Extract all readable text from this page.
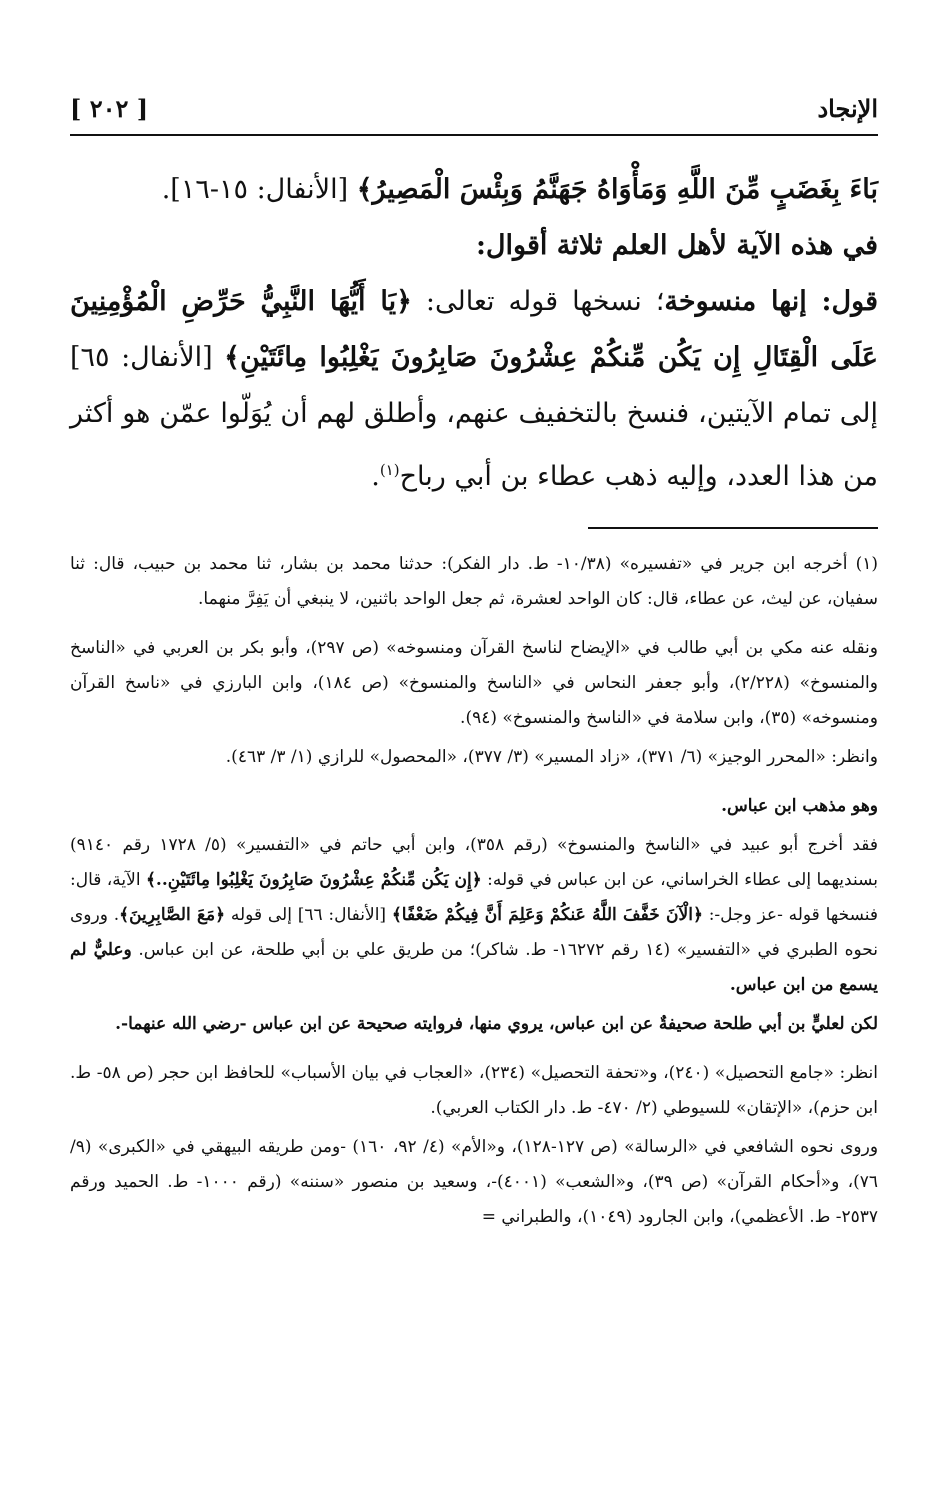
الإنجاد
[ ٢٠٢ ]

بَاءَ بِغَضَبٍ مِّنَ اللَّهِ وَمَأْوَاهُ جَهَنَّمُ وَبِئْسَ الْمَصِيرُ﴾ [الأنفال: ١٥-١٦].

في هذه الآية لأهل العلم ثلاثة أقوال:

قول: إنها منسوخة؛ نسخها قوله تعالى: ﴿يَا أَيُّهَا النَّبِيُّ حَرِّضِ الْمُؤْمِنِينَ عَلَى الْقِتَالِ إِن يَكُن مِّنكُمْ عِشْرُونَ صَابِرُونَ يَغْلِبُوا مِائَتَيْنِ﴾ [الأنفال: ٦٥] إلى تمام الآيتين، فنسخ بالتخفيف عنهم، وأطلق لهم أن يُوَلّوا عمّن هو أكثر من هذا العدد، وإليه ذهب عطاء بن أبي رباح$^{(١)}$.

(١) أخرجه ابن جرير في «تفسيره» (١٠/٣٨- ط. دار الفكر): حدثنا محمد بن بشار، ثنا محمد بن حبيب، قال: ثنا سفيان، عن ليث، عن عطاء، قال: كان الواحد لعشرة، ثم جعل الواحد باثنين، لا ينبغي أن يَفِرَّ منهما.

ونقله عنه مكي بن أبي طالب في «الإيضاح لناسخ القرآن ومنسوخه» (ص ٢٩٧)، وأبو بكر بن العربي في «الناسخ والمنسوخ» (٢/٢٢٨)، وأبو جعفر النحاس في «الناسخ والمنسوخ» (ص ١٨٤)، وابن البارزي في «ناسخ القرآن ومنسوخه» (٣٥)، وابن سلامة في «الناسخ والمنسوخ» (٩٤).

وانظر: «المحرر الوجيز» (٦/ ٣٧١)، «زاد المسير» (٣/ ٣٧٧)، «المحصول» للرازي (١/ ٣/ ٤٦٣).

وهو مذهب ابن عباس.

فقد أخرج أبو عبيد في «الناسخ والمنسوخ» (رقم ٣٥٨)، وابن أبي حاتم في «التفسير» (٥/ ١٧٢٨ رقم ٩١٤٠) بسنديهما إلى عطاء الخراساني، عن ابن عباس في قوله: ﴿إِن يَكُن مِّنكُمْ عِشْرُونَ صَابِرُونَ يَغْلِبُوا مِائَتَيْنِ..﴾ الآية، قال: فنسخها قوله -عز وجل-: ﴿الْآنَ خَفَّفَ اللَّهُ عَنكُمْ وَعَلِمَ أَنَّ فِيكُمْ ضَعْفًا﴾ [الأنفال: ٦٦] إلى قوله ﴿مَعَ الصَّابِرِينَ﴾. وروى نحوه الطبري في «التفسير» (١٤ رقم ١٦٢٧٢- ط. شاكر)؛ من طريق علي بن أبي طلحة، عن ابن عباس. وعليٌّ لم يسمع من ابن عباس.

لكن لعليٍّ بن أبي طلحة صحيفةٌ عن ابن عباس، يروي منها، فروايته صحيحة عن ابن عباس -رضي الله عنهما-.

انظر: «جامع التحصيل» (٢٤٠)، و«تحفة التحصيل» (٢٣٤)، «العجاب في بيان الأسباب» للحافظ ابن حجر (ص ٥٨- ط. ابن حزم)، «الإتقان» للسيوطي (٢/ ٤٧٠- ط. دار الكتاب العربي).

وروى نحوه الشافعي في «الرسالة» (ص ١٢٧-١٢٨)، و«الأم» (٤/ ٩٢، ١٦٠) -ومن طريقه البيهقي في «الكبرى» (٩/ ٧٦)، و«أحكام القرآن» (ص ٣٩)، و«الشعب» (٤٠٠١)-، وسعيد بن منصور «سننه» (رقم ١٠٠٠- ط. الحميد ورقم ٢٥٣٧- ط. الأعظمي)، وابن الجارود (١٠٤٩)، والطبراني =
